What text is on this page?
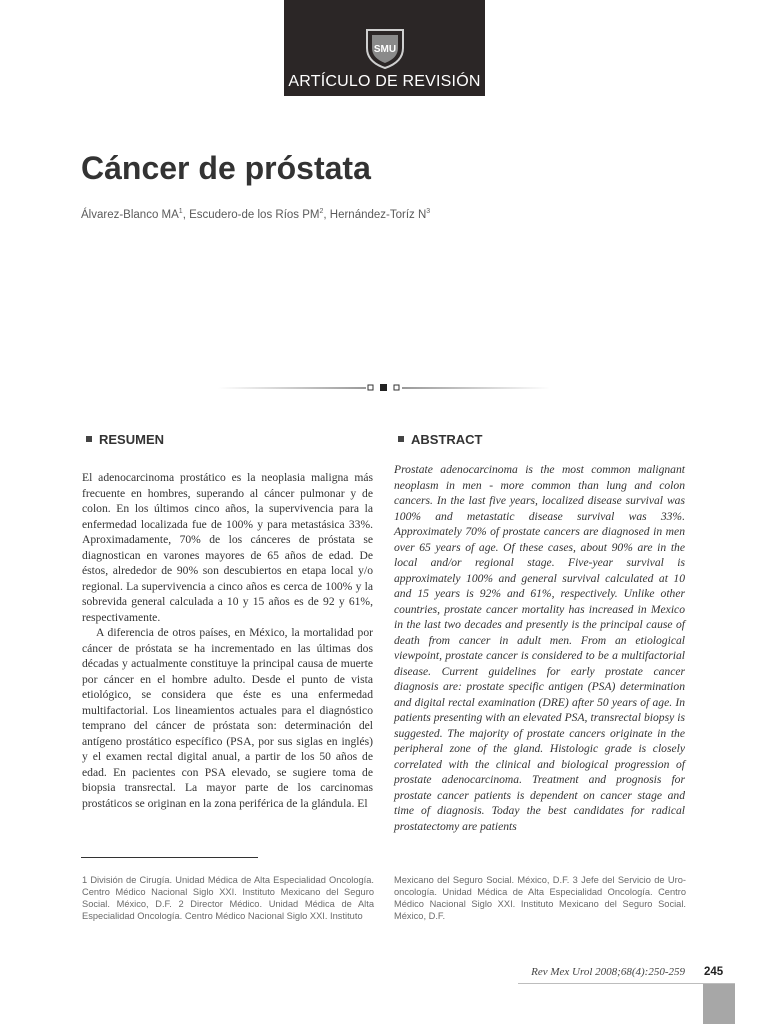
SMU
ARTÍCULO DE REVISIÓN
Cáncer de próstata
Álvarez-Blanco $MA^1$, Escudero-de los Ríos $PM^2$, Hernández-Toríz $N^3$
RESUMEN	ABSTRACT

El adenocarcinoma prostático es la neoplasia maligna más frecuente en hombres, superando al cáncer pulmonar y de colon. En los últimos cinco años, la supervivencia para la enfermedad localizada fue de 100% y para metastásica 33%. Aproximadamente, 70% de los cánceres de próstata se diagnostican en varones mayores de 65 años de edad. De éstos, alrededor de 90% son descubiertos en etapa local y/o regional. La supervivencia a cinco años es cerca de 100% y la sobrevida general calculada a 10 y 15 años es de 92 y 61%, respectivamente.

A diferencia de otros países, en México, la mortalidad por cáncer de próstata se ha incrementado en las últimas dos décadas y actualmente constituye la principal causa de muerte por cáncer en el hombre adulto. Desde el punto de vista etiológico, se considera que éste es una enfermedad multifactorial. Los lineamientos actuales para el diagnóstico temprano del cáncer de próstata son: determinación del antígeno prostático específico (PSA, por sus siglas en inglés) y el examen rectal digital anual, a partir de los 50 años de edad. En pacientes con PSA elevado, se sugiere toma de biopsia transrectal. La mayor parte de los carcinomas prostáticos se originan en la zona periférica de la glándula. El

Prostate adenocarcinoma is the most common malignant neoplasm in men - more common than lung and colon cancers. In the last five years, localized disease survival was 100% and metastatic disease survival was 33%. Approximately 70% of prostate cancers are diagnosed in men over 65 years of age. Of these cases, about 90% are in the local and/or regional stage. Five-year survival is approximately 100% and general survival calculated at 10 and 15 years is 92% and 61%, respectively. Unlike other countries, prostate cancer mortality has increased in Mexico in the last two decades and presently is the principal cause of death from cancer in adult men. From an etiological viewpoint, prostate cancer is considered to be a multifactorial disease. Current guidelines for early prostate cancer diagnosis are: prostate specific antigen (PSA) determination and digital rectal examination (DRE) after 50 years of age. In patients presenting with an elevated PSA, transrectal biopsy is suggested. The majority of prostate cancers originate in the peripheral zone of the gland. Histologic grade is closely correlated with the clinical and biological progression of prostate adenocarcinoma. Treatment and prognosis for prostate cancer patients is dependent on cancer stage and time of diagnosis. Today the best candidates for radical prostatectomy are patients

1 División de Cirugía. Unidad Médica de Alta Especialidad Oncología. Centro Médico Nacional Siglo XXI. Instituto Mexicano del Seguro Social. México, D.F. 2 Director Médico. Unidad Médica de Alta Especialidad Oncología. Centro Médico Nacional Siglo XXI. Instituto
Mexicano del Seguro Social. México, D.F. 3 Jefe del Servicio de Uro-oncología. Unidad Médica de Alta Especialidad Oncología. Centro Médico Nacional Siglo XXI. Instituto Mexicano del Seguro Social. México, D.F.
Rev Mex Urol 2008;68(4):250-259 245
